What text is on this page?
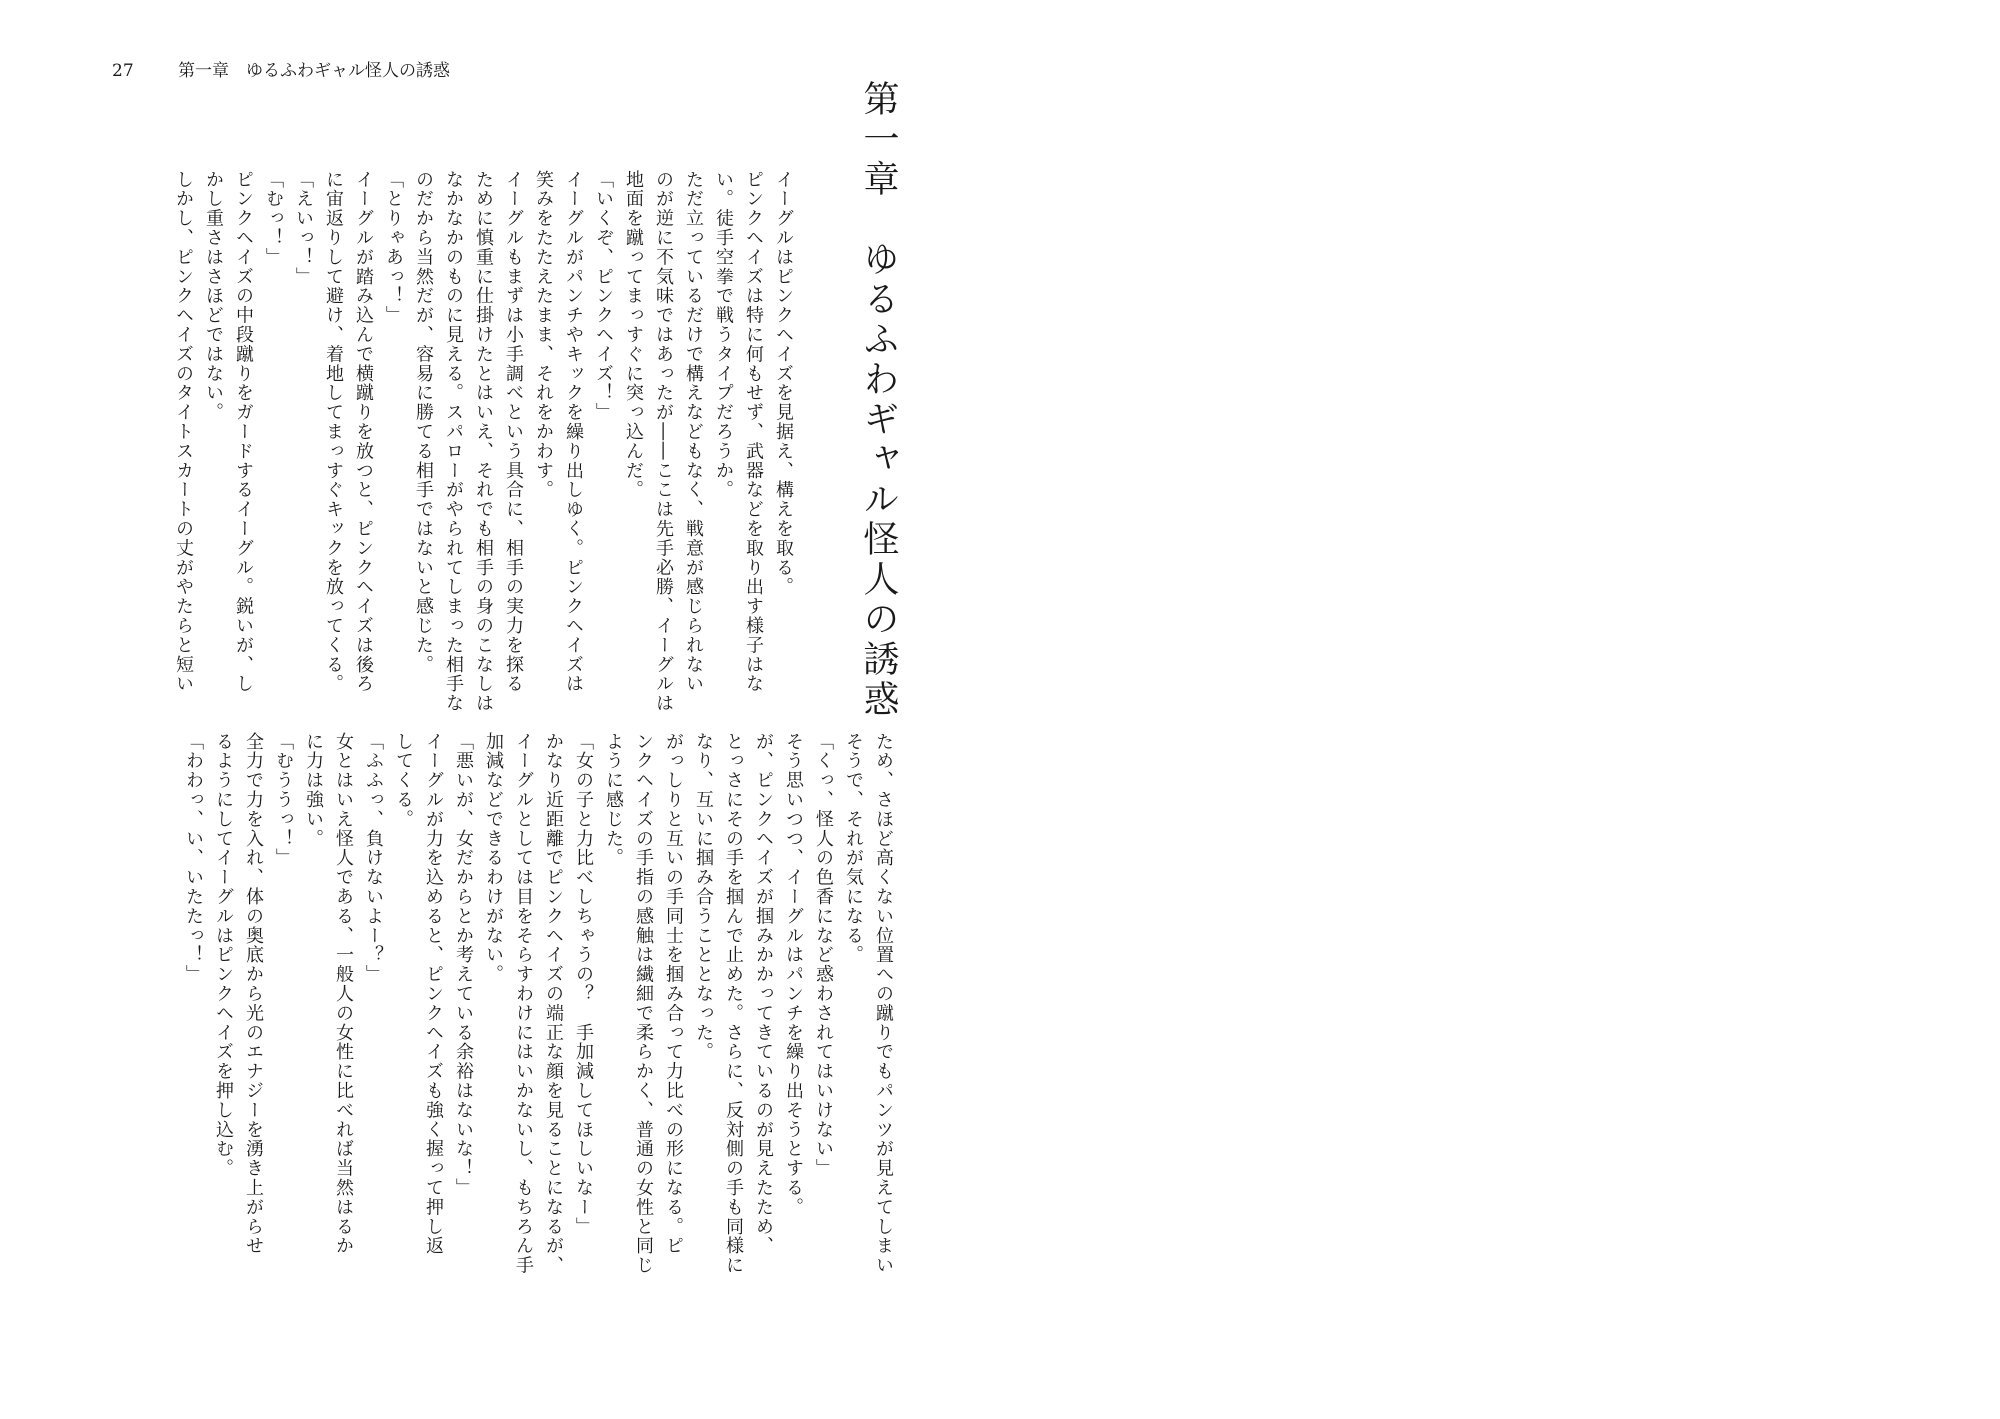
27	第一章　ゆるふわギャル怪人の誘惑
第一章　ゆるふわギャル怪人の誘惑

イーグルはピンクヘイズを見据え、構えを取る。

ピンクヘイズは特に何もせず、武器などを取り出す様子はな

い。徒手空拳で戦うタイプだろうか。

ただ立っているだけで構えなどもなく、戦意が感じられない

のが逆に不気味ではあったが――ここは先手必勝、イーグルは

地面を蹴ってまっすぐに突っ込んだ。

「いくぞ、ピンクヘイズ！」

イーグルがパンチやキックを繰り出しゆく。ピンクヘイズは

笑みをたたえたまま、それをかわす。

イーグルもまずは小手調べという具合に、相手の実力を探る

ために慎重に仕掛けたとはいえ、それでも相手の身のこなしは

なかなかのものに見える。スパローがやられてしまった相手な

のだから当然だが、容易に勝てる相手ではないと感じた。

「とりゃあっ！」

イーグルが踏み込んで横蹴りを放つと、ピンクヘイズは後ろ

に宙返りして避け、着地してまっすぐキックを放ってくる。

「えいっ！」

「むっ！」

ピンクヘイズの中段蹴りをガードするイーグル。鋭いが、し

かし重さはさほどではない。

しかし、ピンクヘイズのタイトスカートの丈がやたらと短い

ため、さほど高くない位置への蹴りでもパンツが見えてしまい

そうで、それが気になる。

「くっ、怪人の色香になど惑わされてはいけない」

そう思いつつ、イーグルはパンチを繰り出そうとする。

が、ピンクヘイズが掴みかかってきているのが見えたため、

とっさにその手を掴んで止めた。さらに、反対側の手も同様に

なり、互いに掴み合うこととなった。

がっしりと互いの手同士を掴み合って力比べの形になる。ピ

ンクヘイズの手指の感触は繊細で柔らかく、普通の女性と同じ

ように感じた。

「女の子と力比べしちゃうの？　手加減してほしいなー」

かなり近距離でピンクヘイズの端正な顔を見ることになるが、

イーグルとしては目をそらすわけにはいかないし、もちろん手

加減などできるわけがない。

「悪いが、女だからとか考えている余裕はないな！」

イーグルが力を込めると、ピンクヘイズも強く握って押し返

してくる。

「ふふっ、負けないよー？」

女とはいえ怪人である、一般人の女性に比べれば当然はるか

に力は強い。

「むううっ！」

全力で力を入れ、体の奥底から光のエナジーを湧き上がらせ

るようにしてイーグルはピンクヘイズを押し込む。

「わわっ、い、いたたっ！」
